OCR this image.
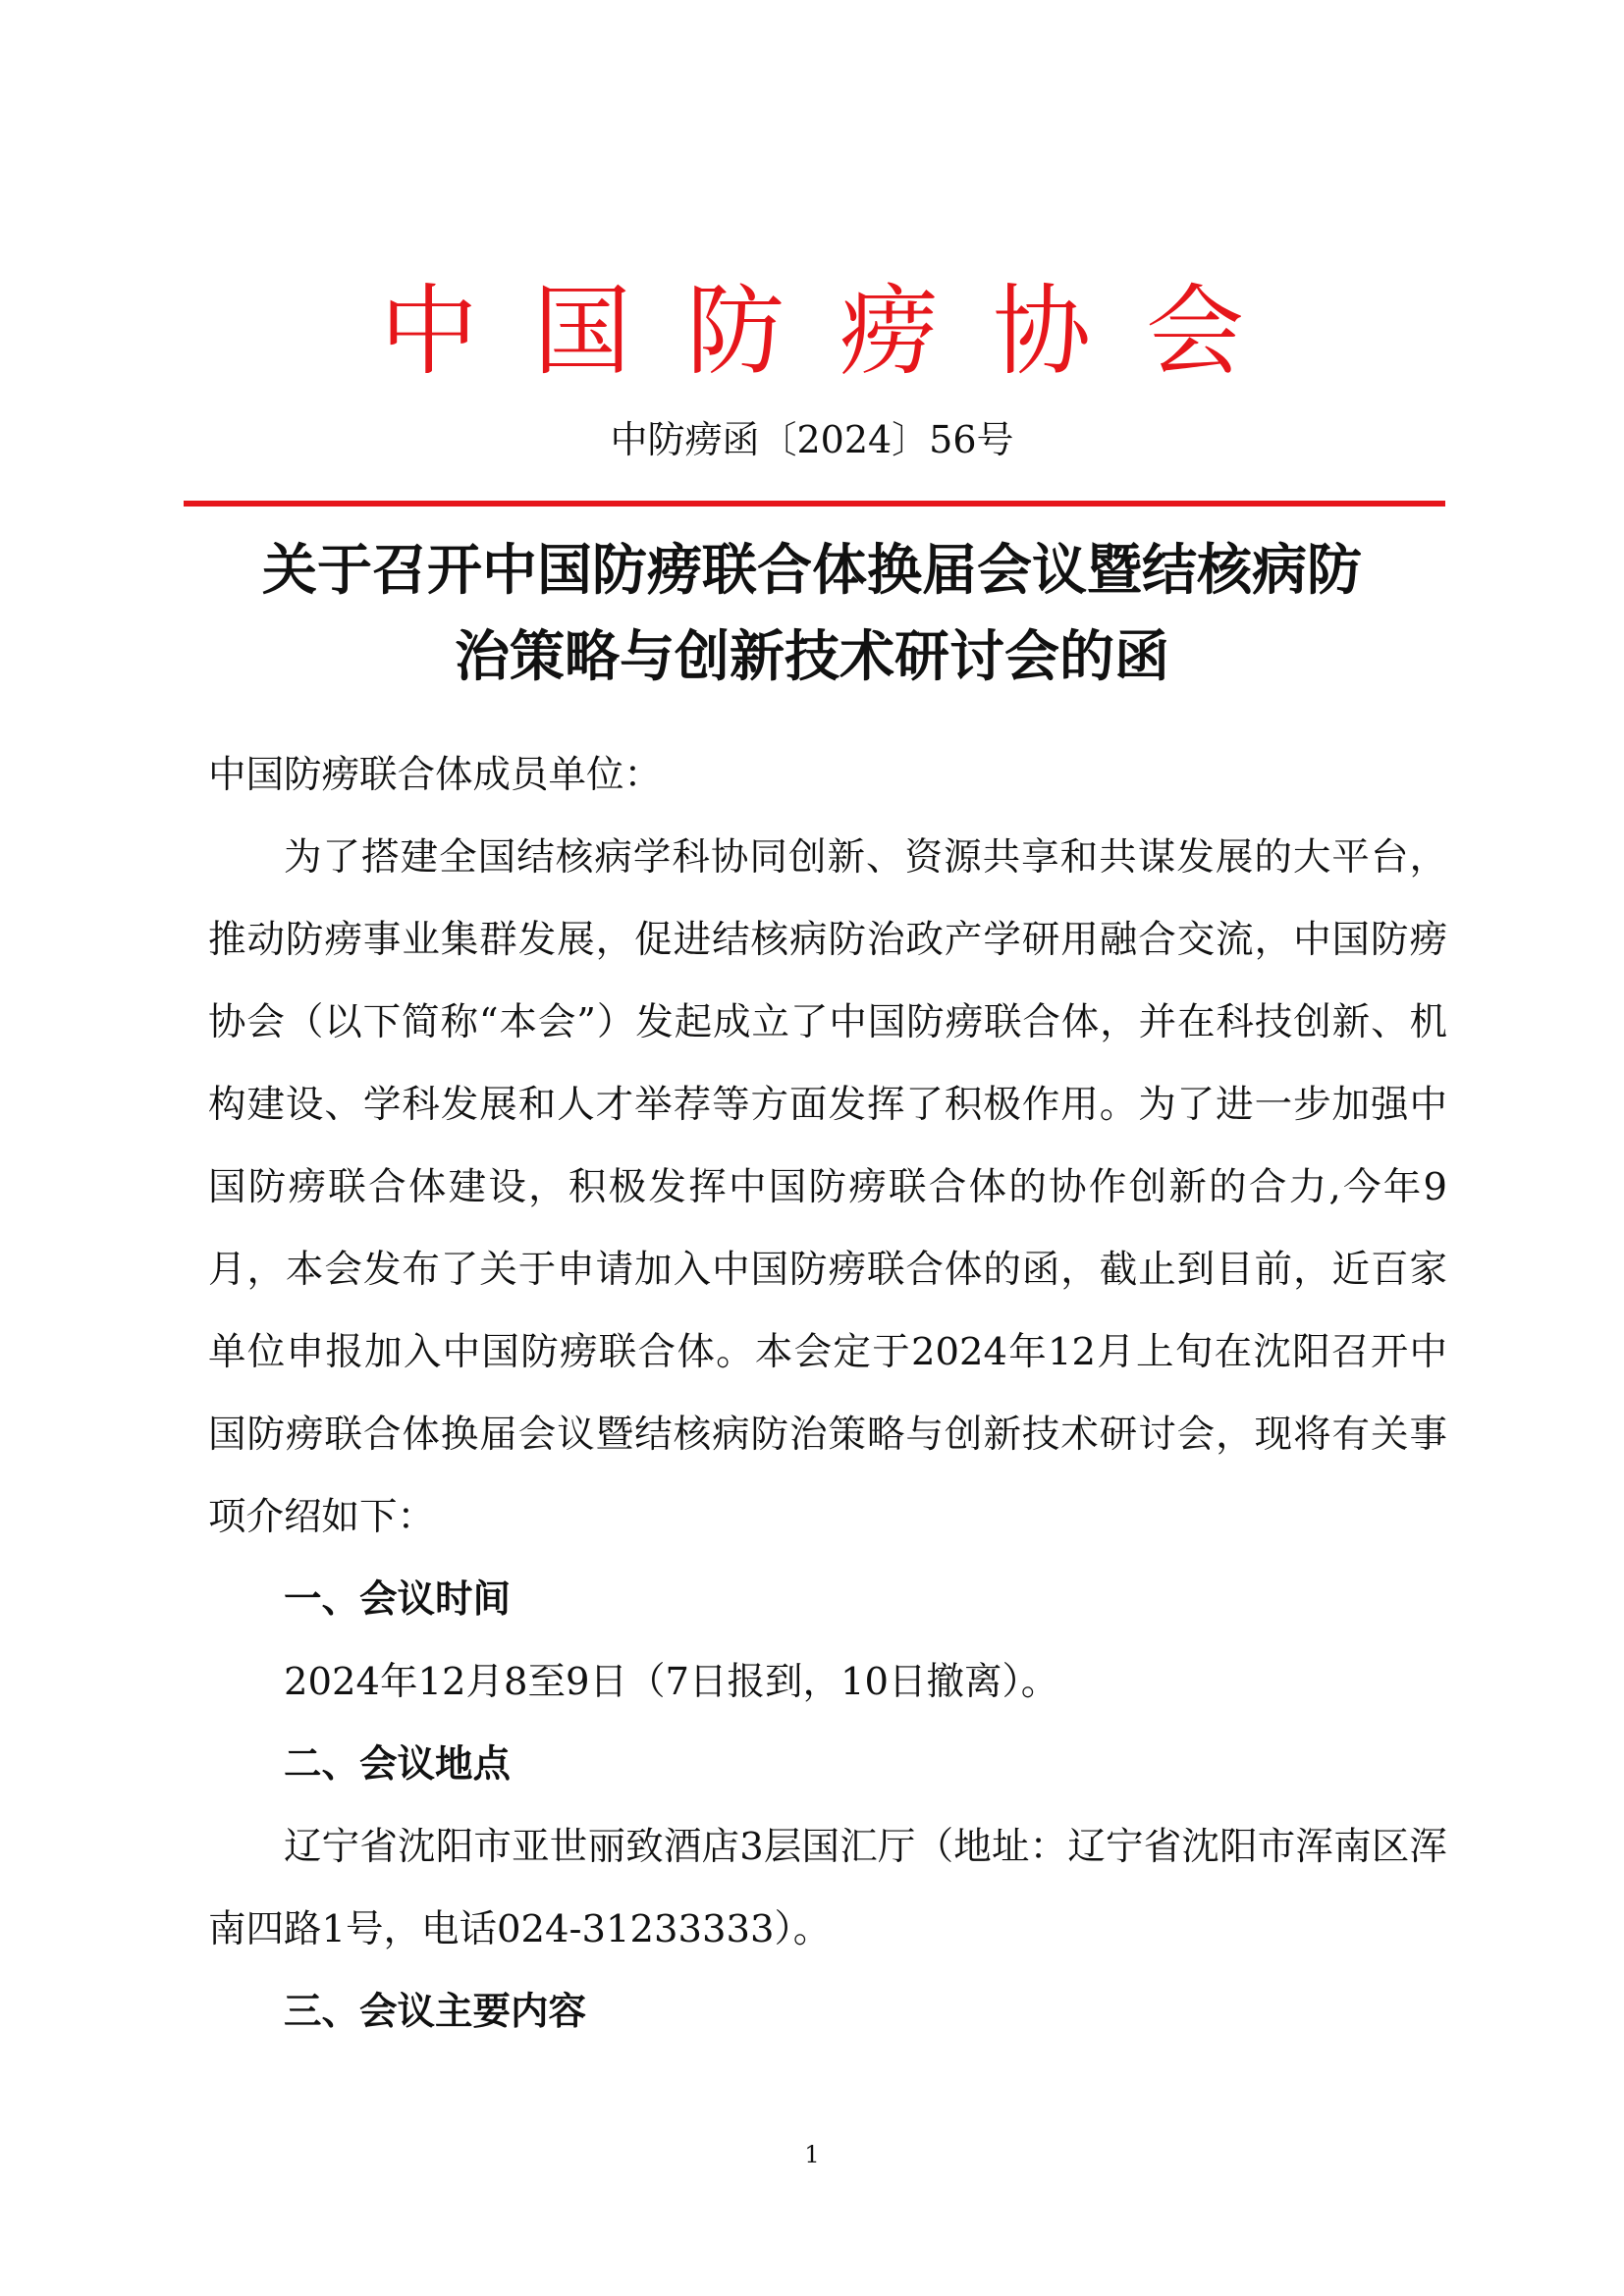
中国防痨协会
中防痨函〔2024〕56号
关于召开中国防痨联合体换届会议暨结核病防
治策略与创新技术研讨会的函

中国防痨联合体成员单位：

为了搭建全国结核病学科协同创新、资源共享和共谋发展的大平台，推动防痨事业集群发展，促进结核病防治政产学研用融合交流，中国防痨协会（以下简称“本会”）发起成立了中国防痨联合体，并在科技创新、机构建设、学科发展和人才举荐等方面发挥了积极作用。为了进一步加强中国防痨联合体建设，积极发挥中国防痨联合体的协作创新的合力,今年9月，本会发布了关于申请加入中国防痨联合体的函，截止到目前，近百家单位申报加入中国防痨联合体。本会定于2024年12月上旬在沈阳召开中国防痨联合体换届会议暨结核病防治策略与创新技术研讨会，现将有关事项介绍如下：

一、会议时间

2024年12月8至9日（7日报到，10日撤离）。

二、会议地点

辽宁省沈阳市亚世丽致酒店3层国汇厅（地址：辽宁省沈阳市浑南区浑南四路1号，电话024-31233333）。

三、会议主要内容

1
